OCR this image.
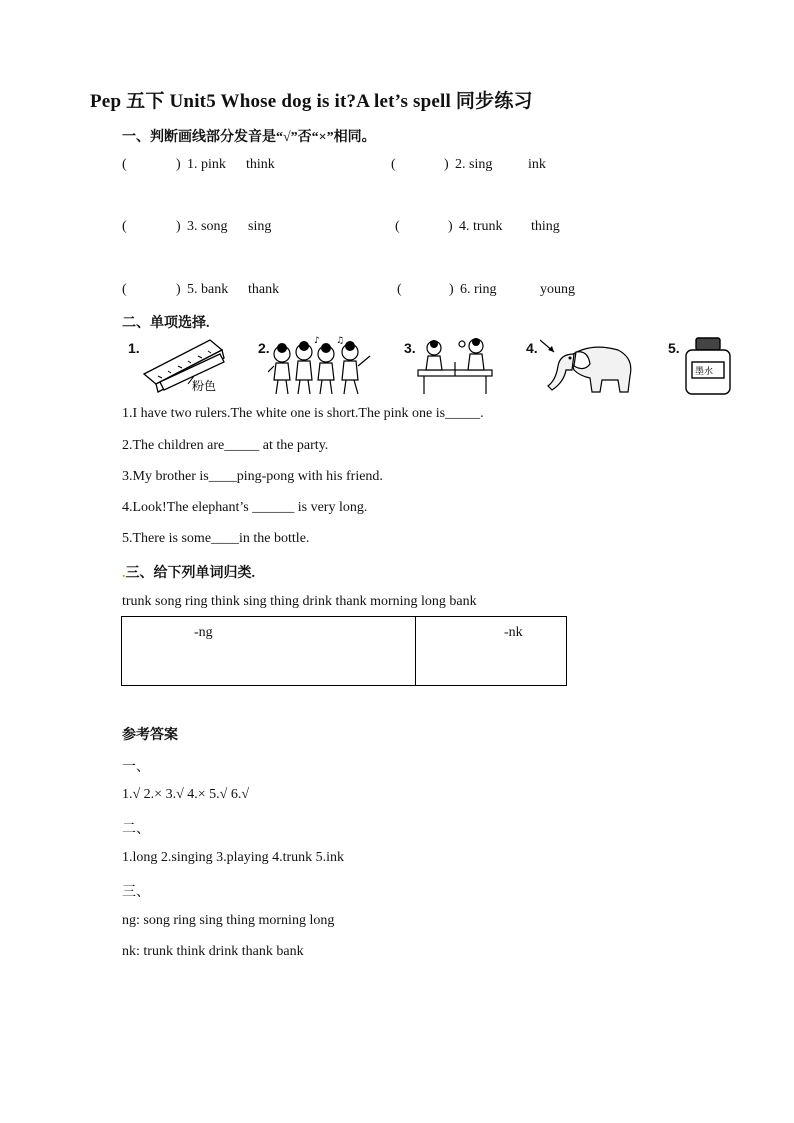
Pep 五下 Unit5 Whose dog is it?A let’s spell 同步练习
一、判断画线部分发音是“√”否“×”相同。
(	) 1. pink think	(	) 2. sing	ink
(	) 3. song sing	(	) 4. trunk thing
(	) 5. bank thank	(	) 6. ring	young
二、单项选择.
1.
粉色
2.	♪ ♫	3.	4.	5.
墨水
1.I have two rulers.The white one is short.The pink one is_____.
2.The children are_____ at the party.
3.My brother is____ping-pong with his friend.
4.Look!The elephant’s ______ is very long.
5.There is some____in the bottle.
.三、给下列单词归类.
trunk song ring think sing thing drink thank morning long bank
-ng	-nk
参考答案
一、
1.√ 2.× 3.√ 4.× 5.√ 6.√
二、
1.long 2.singing 3.playing 4.trunk 5.ink
三、
ng: song ring sing thing morning long
nk: trunk think drink thank bank
